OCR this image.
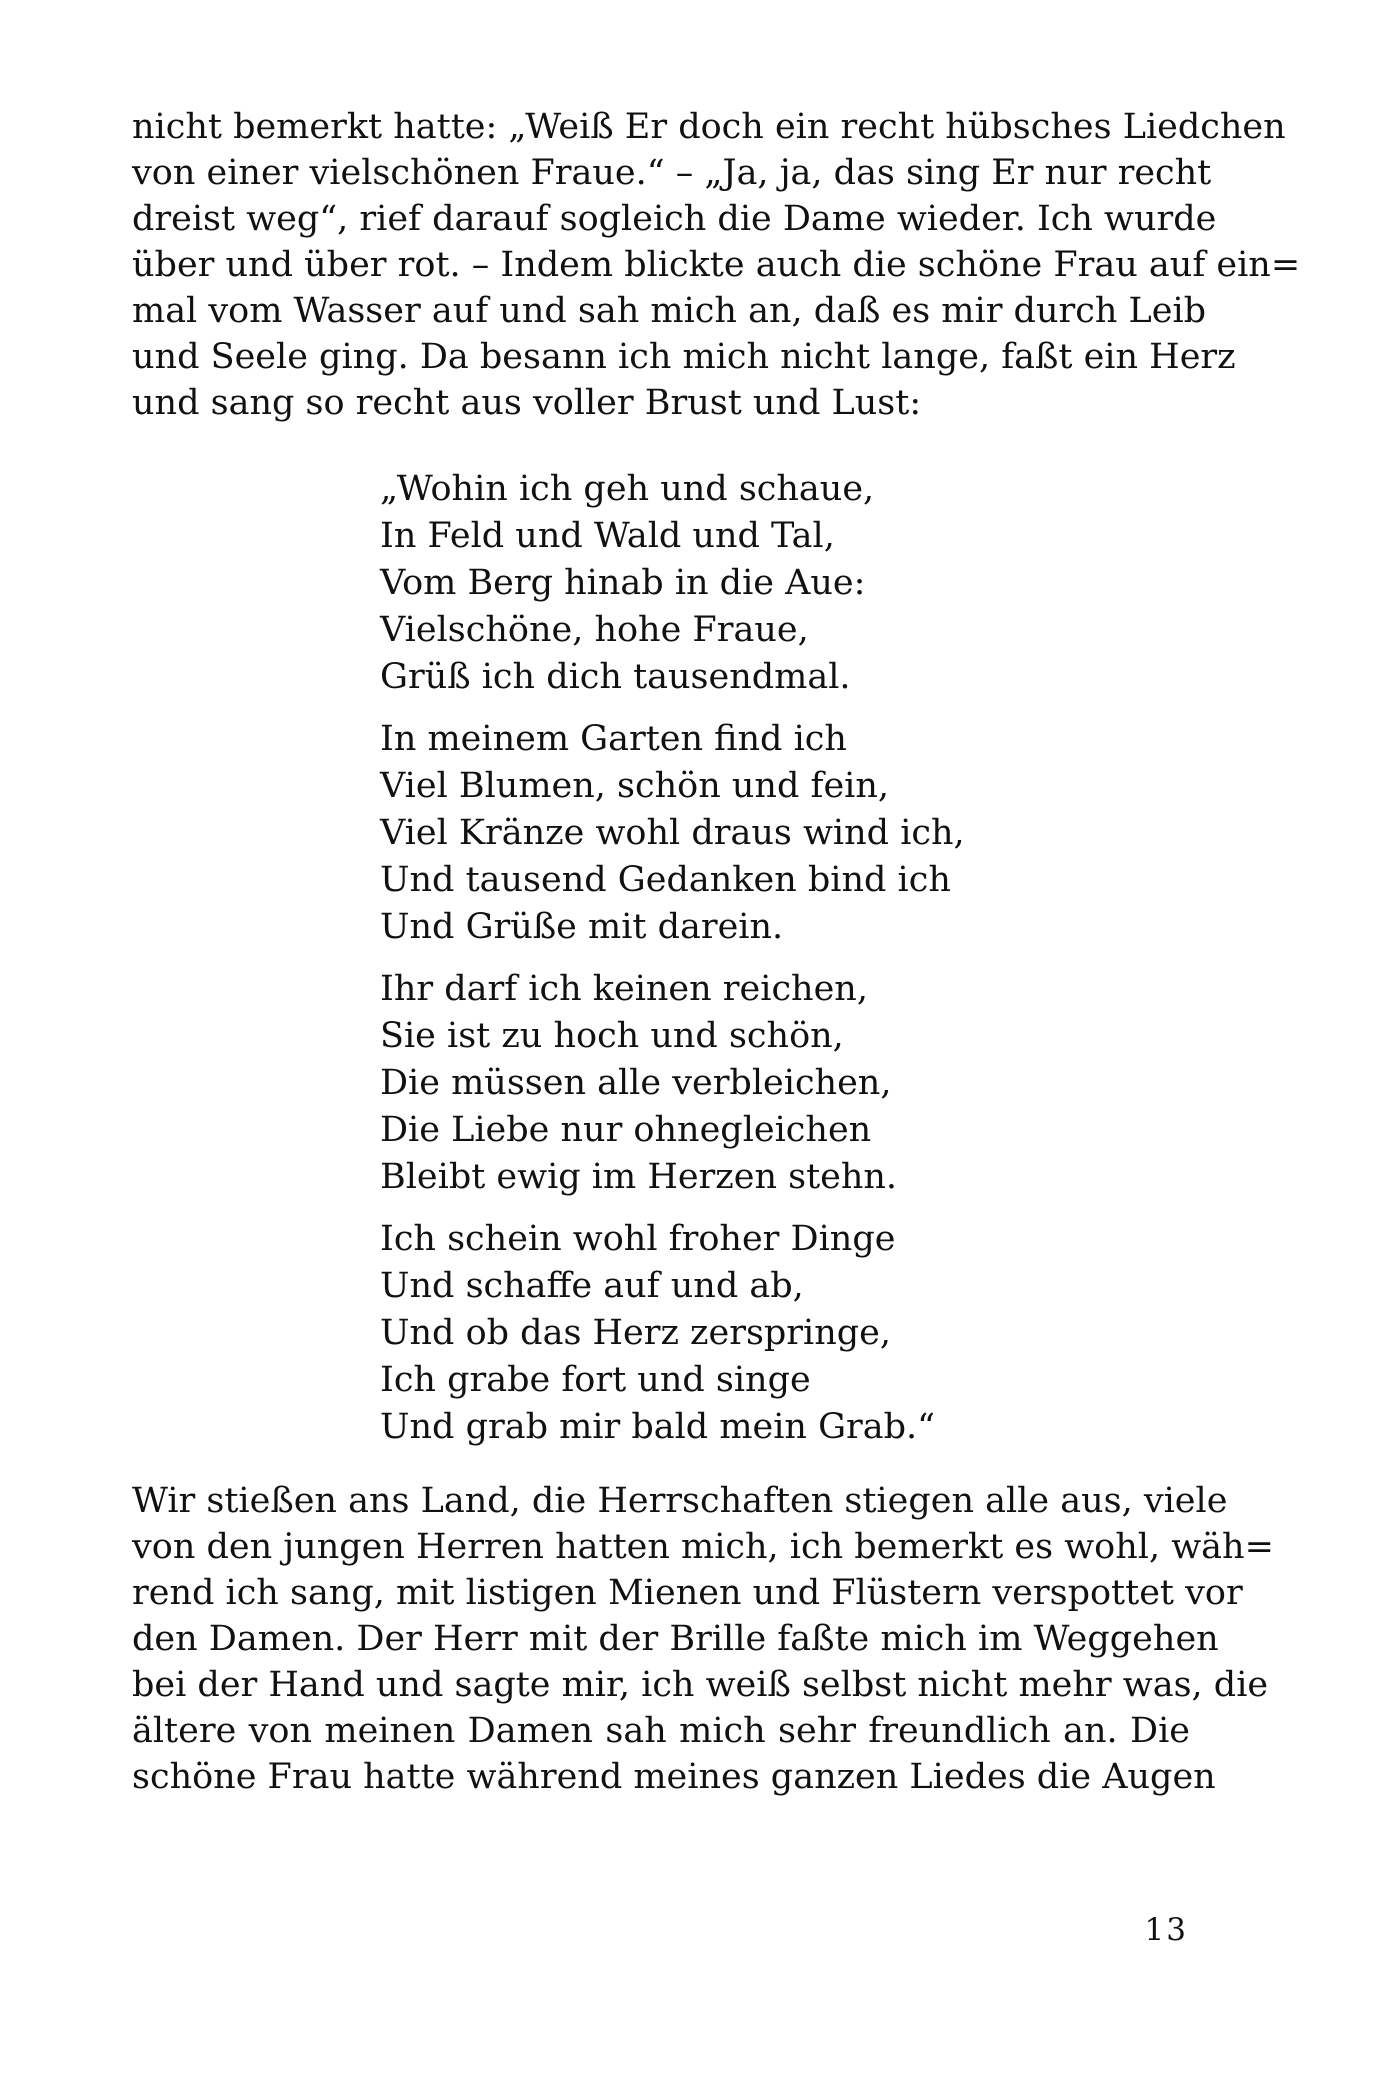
nicht bemerkt hatte: „Weiß Er doch ein recht hübsches Liedchen
von einer vielschönen Fraue.“ – „Ja, ja, das sing Er nur recht
dreist weg“, rief darauf sogleich die Dame wieder. Ich wurde
über und über rot. – Indem blickte auch die schöne Frau auf ein=
mal vom Wasser auf und sah mich an, daß es mir durch Leib
und Seele ging. Da besann ich mich nicht lange, faßt ein Herz
und sang so recht aus voller Brust und Lust:
„Wohin ich geh und schaue,
In Feld und Wald und Tal,
Vom Berg hinab in die Aue:
Vielschöne, hohe Fraue,
Grüß ich dich tausendmal.
In meinem Garten find ich
Viel Blumen, schön und fein,
Viel Kränze wohl draus wind ich,
Und tausend Gedanken bind ich
Und Grüße mit darein.
Ihr darf ich keinen reichen,
Sie ist zu hoch und schön,
Die müssen alle verbleichen,
Die Liebe nur ohnegleichen
Bleibt ewig im Herzen stehn.
Ich schein wohl froher Dinge
Und schaffe auf und ab,
Und ob das Herz zerspringe,
Ich grabe fort und singe
Und grab mir bald mein Grab.“
Wir stießen ans Land, die Herrschaften stiegen alle aus, viele
von den jungen Herren hatten mich, ich bemerkt es wohl, wäh=
rend ich sang, mit listigen Mienen und Flüstern verspottet vor
den Damen. Der Herr mit der Brille faßte mich im Weggehen
bei der Hand und sagte mir, ich weiß selbst nicht mehr was, die
ältere von meinen Damen sah mich sehr freundlich an. Die
schöne Frau hatte während meines ganzen Liedes die Augen
13
